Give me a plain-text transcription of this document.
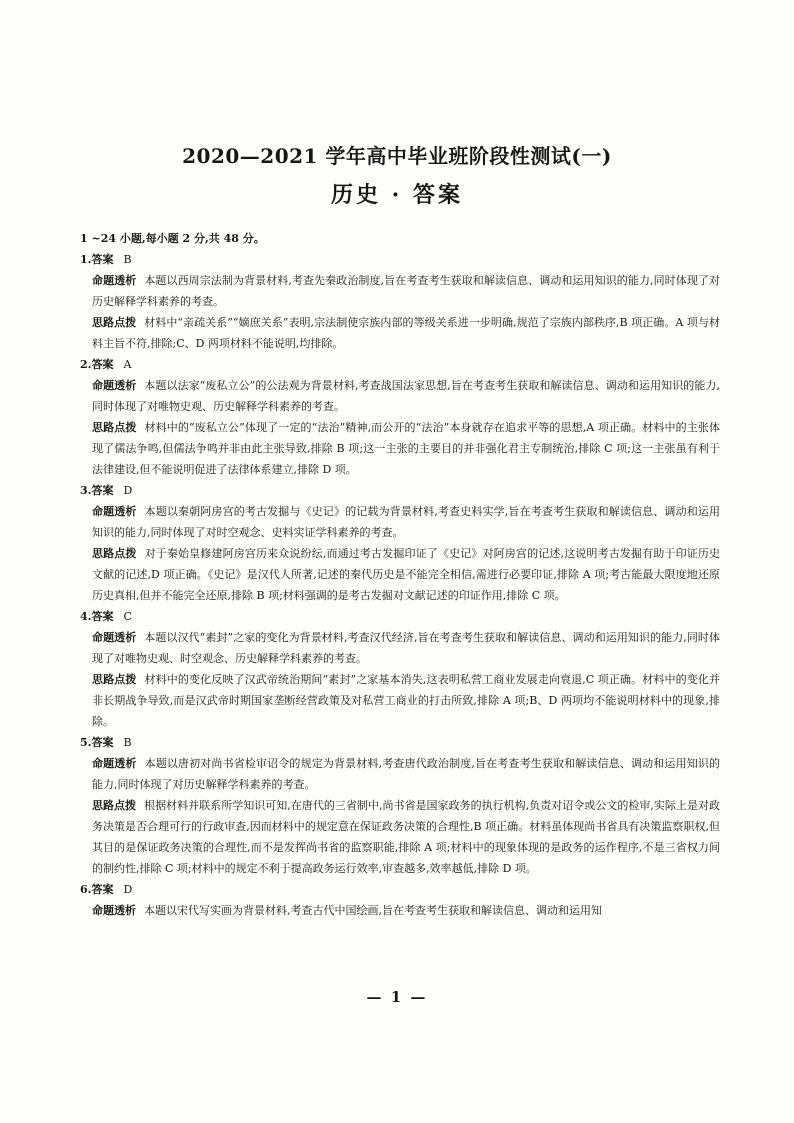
2020—2021 学年高中毕业班阶段性测试(一)
历史 · 答案
1 ~24 小题,每小题 2 分,共 48 分。
1.答案 B
命题透析 本题以西周宗法制为背景材料,考查先秦政治制度,旨在考查考生获取和解读信息、调动和运用知识的能力,同时体现了对历史解释学科素养的考查。
思路点拨 材料中“亲疏关系”“嫡庶关系”表明,宗法制使宗族内部的等级关系进一步明确,规范了宗族内部秩序,B 项正确。A 项与材料主旨不符,排除;C、D 两项材料不能说明,均排除。
2.答案 A
命题透析 本题以法家“废私立公”的公法观为背景材料,考查战国法家思想,旨在考查考生获取和解读信息、调动和运用知识的能力,同时体现了对唯物史观、历史解释学科素养的考查。
思路点拨 材料中的“废私立公”体现了一定的“法治”精神,而公开的“法治”本身就存在追求平等的思想,A 项正确。材料中的主张体现了儒法争鸣,但儒法争鸣并非由此主张导致,排除 B 项;这一主张的主要目的并非强化君主专制统治,排除 C 项;这一主张虽有利于法律建设,但不能说明促进了法律体系建立,排除 D 项。
3.答案 D
命题透析 本题以秦朝阿房宫的考古发掘与《史记》的记载为背景材料,考查史料实学,旨在考查考生获取和解读信息、调动和运用知识的能力,同时体现了对时空观念、史料实证学科素养的考查。
思路点拨 对于秦始皇修建阿房宫历来众说纷纭,而通过考古发掘印证了《史记》对阿房宫的记述,这说明考古发掘有助于印证历史文献的记述,D 项正确。《史记》是汉代人所著,记述的秦代历史是不能完全相信,需进行必要印证,排除 A 项;考古能最大限度地还原历史真相,但并不能完全还原,排除 B 项;材料强调的是考古发掘对文献记述的印证作用,排除 C 项。
4.答案 C
命题透析 本题以汉代“素封”之家的变化为背景材料,考查汉代经济,旨在考查考生获取和解读信息、调动和运用知识的能力,同时体现了对唯物史观、时空观念、历史解释学科素养的考查。
思路点拨 材料中的变化反映了汉武帝统治期间“素封”之家基本消失,这表明私营工商业发展走向衰退,C 项正确。材料中的变化并非长期战争导致,而是汉武帝时期国家垄断经营政策及对私营工商业的打击所致,排除 A 项;B、D 两项均不能说明材料中的现象,排除。
5.答案 B
命题透析 本题以唐初对尚书省检审诏令的规定为背景材料,考查唐代政治制度,旨在考查考生获取和解读信息、调动和运用知识的能力,同时体现了对历史解释学科素养的考查。
思路点拨 根据材料并联系所学知识可知,在唐代的三省制中,尚书省是国家政务的执行机构,负责对诏令或公文的检审,实际上是对政务决策是否合理可行的行政审查,因而材料中的规定意在保证政务决策的合理性,B 项正确。材料虽体现尚书省具有决策监察职权,但其目的是保证政务决策的合理性,而不是发挥尚书省的监察职能,排除 A 项;材料中的现象体现的是政务的运作程序,不是三省权力间的制约性,排除 C 项;材料中的规定不利于提高政务运行效率,审查越多,效率越低,排除 D 项。
6.答案 D
命题透析 本题以宋代写实画为背景材料,考查古代中国绘画,旨在考查考生获取和解读信息、调动和运用知
— 1 —
